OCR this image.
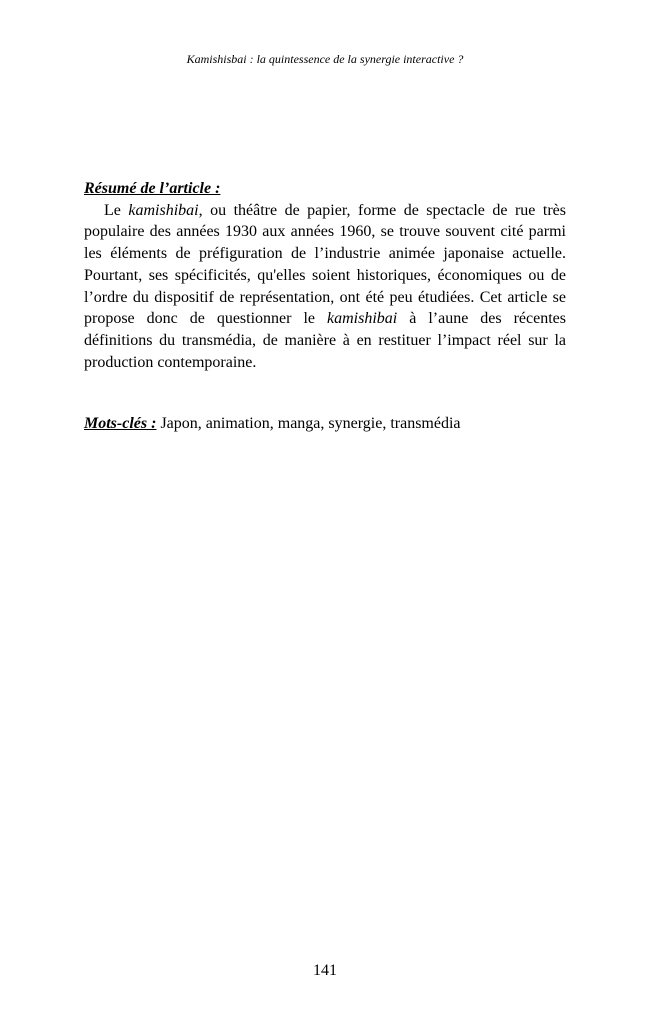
Kamishisbai : la quintessence de la synergie interactive ?
Résumé de l’article :

Le kamishibai, ou théâtre de papier, forme de spectacle de rue très populaire des années 1930 aux années 1960, se trouve souvent cité parmi les éléments de préfiguration de l’industrie animée japonaise actuelle. Pourtant, ses spécificités, qu'elles soient historiques, économiques ou de l’ordre du dispositif de représentation, ont été peu étudiées. Cet article se propose donc de questionner le kamishibai à l’aune des récentes définitions du transmédia, de manière à en restituer l’impact réel sur la production contemporaine.

Mots-clés : Japon, animation, manga, synergie, transmédia
141
